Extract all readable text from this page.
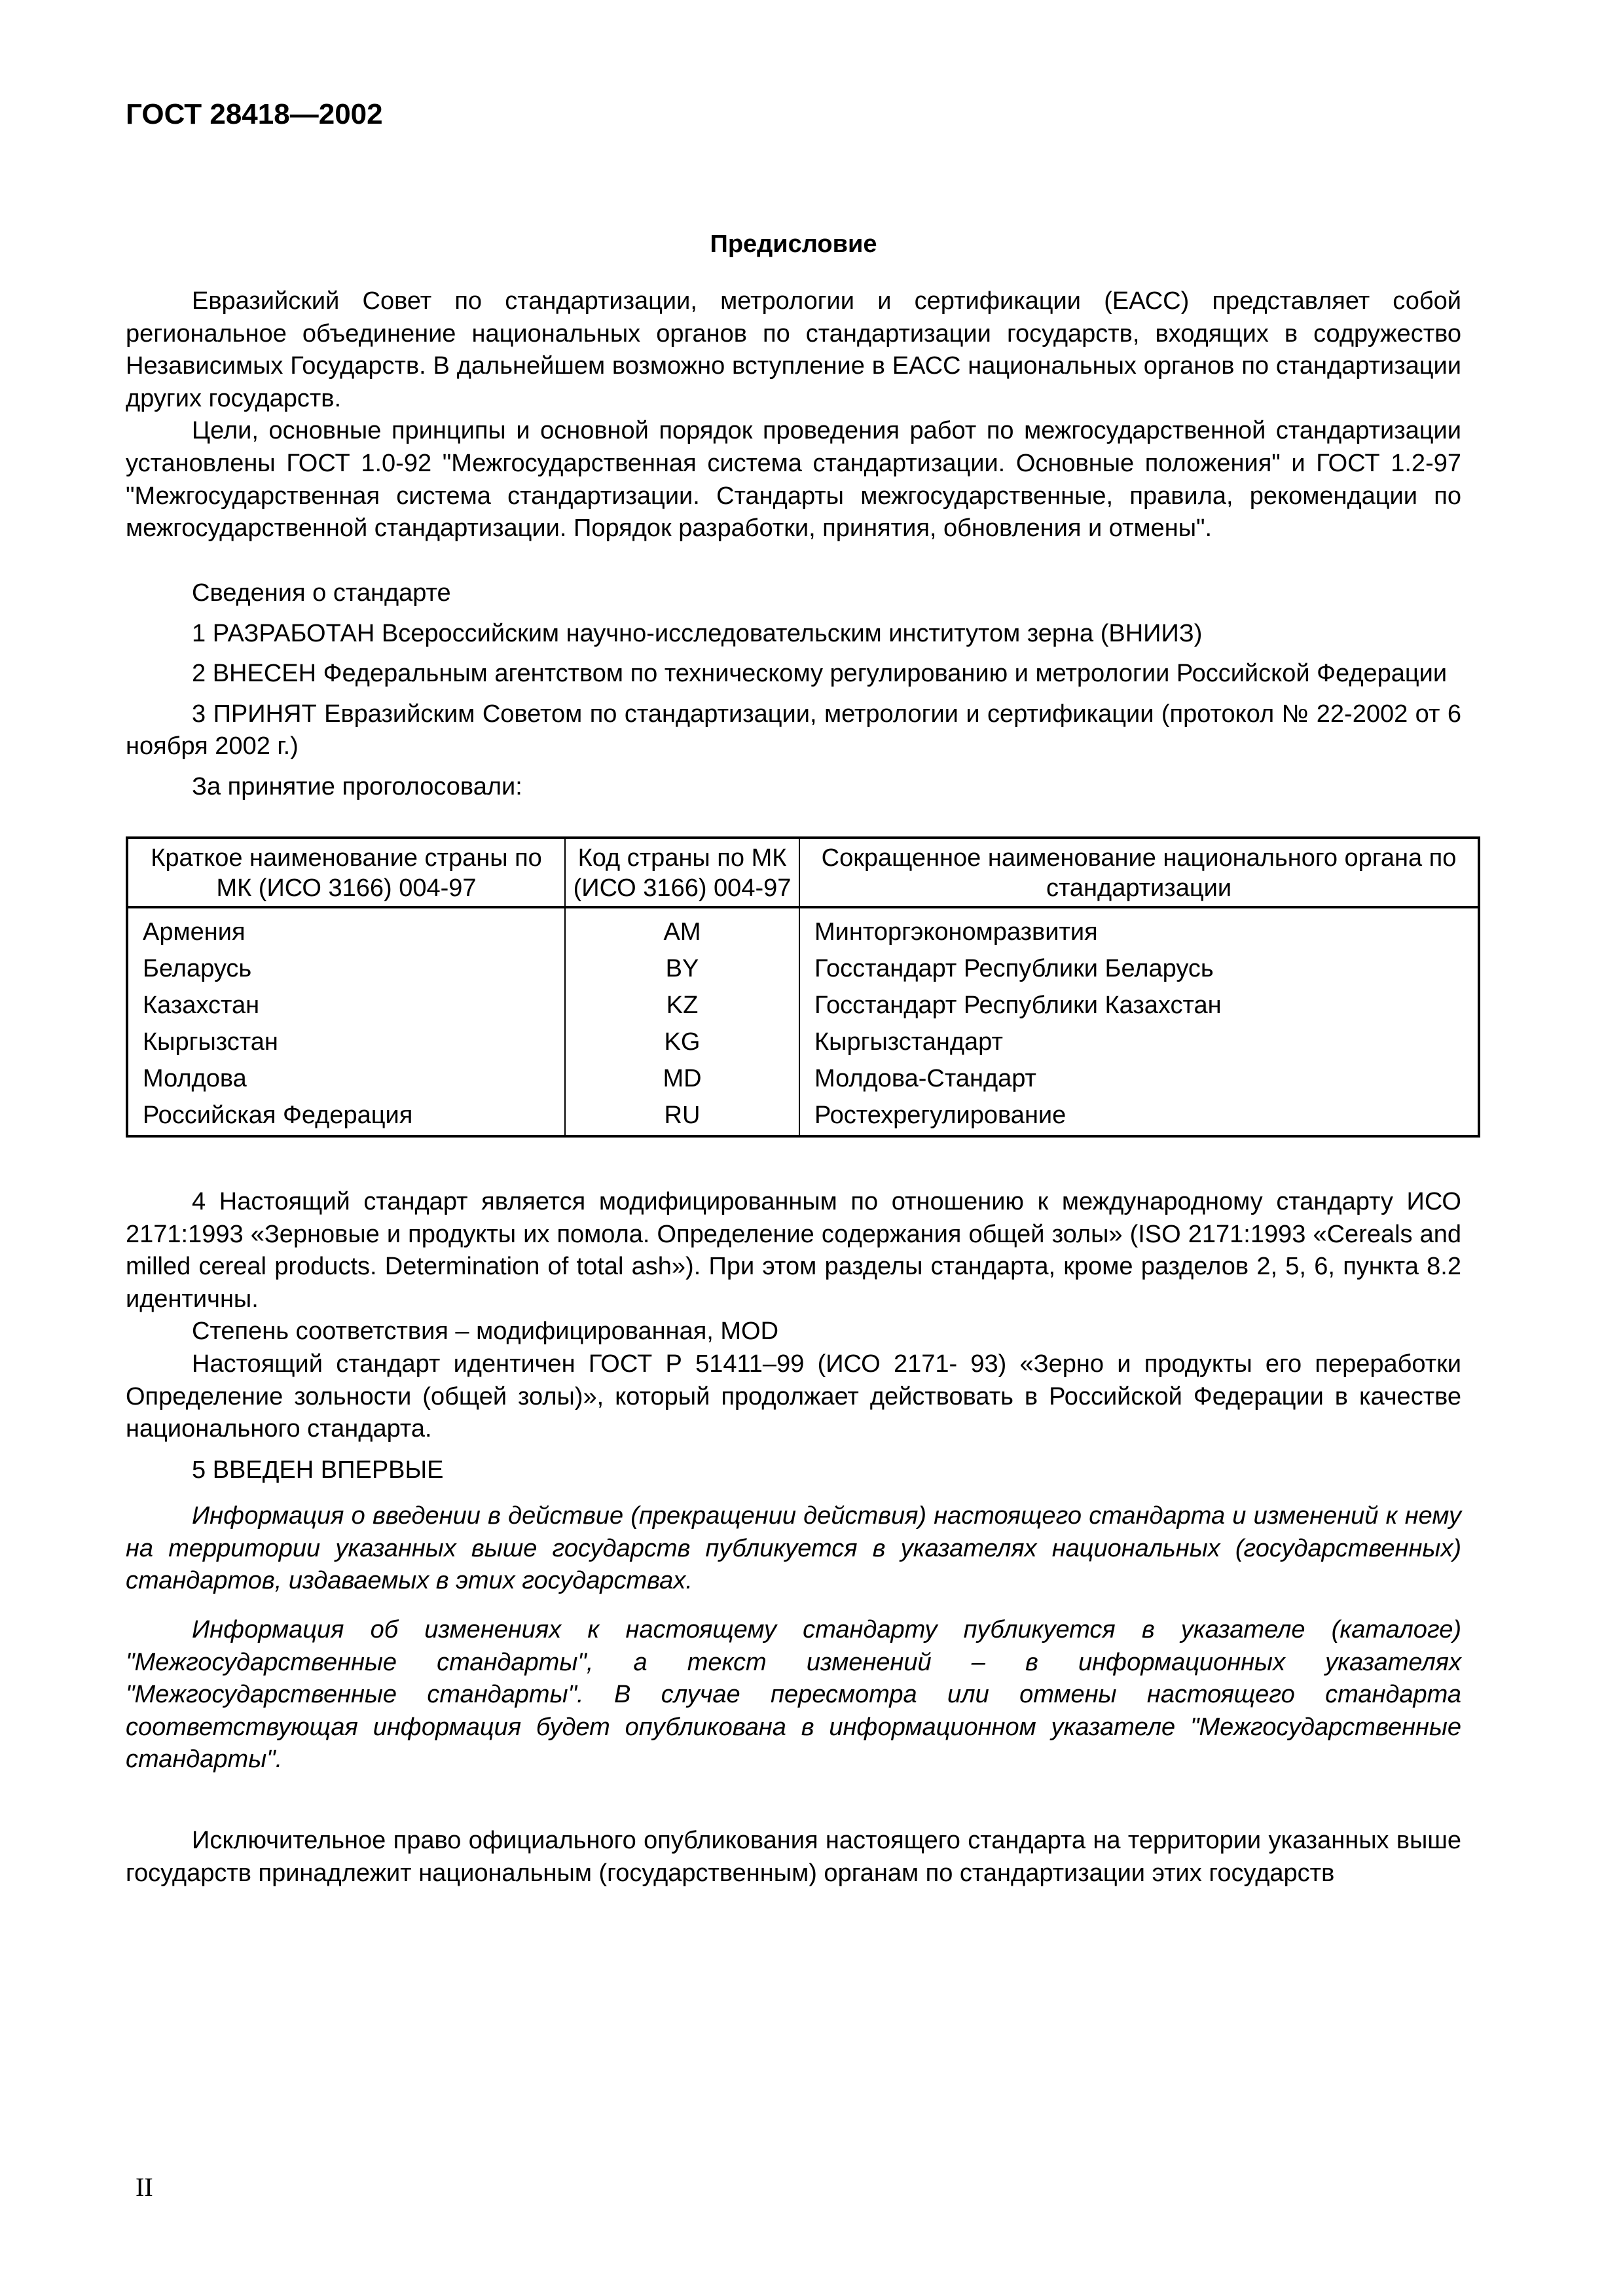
ГОСТ 28418—2002
Предисловие

Евразийский Совет по стандартизации, метрологии и сертификации (ЕАСС) представляет собой региональное объединение национальных органов по стандартизации государств, входящих в содружество Независимых Государств. В дальнейшем возможно вступление в ЕАСС национальных органов по стандартизации других государств.

Цели, основные принципы и основной порядок проведения работ по межгосударственной стандартизации установлены ГОСТ 1.0-92 "Межгосударственная система стандартизации. Основные положения" и ГОСТ 1.2-97 "Межгосударственная система стандартизации. Стандарты межгосударственные, правила, рекомендации по межгосударственной стандартизации. Порядок разработки, принятия, обновления и отмены".

Сведения о стандарте

1 РАЗРАБОТАН Всероссийским научно-исследовательским институтом зерна (ВНИИЗ)

2 ВНЕСЕН Федеральным агентством по техническому регулированию и метрологии Российской Федерации

3 ПРИНЯТ Евразийским Советом по стандартизации, метрологии и сертификации (протокол № 22-2002 от 6 ноября 2002 г.)

За принятие проголосовали:

Краткое наименование страны по МК (ИСО 3166) 004-97	Код страны по МК (ИСО 3166) 004-97	Сокращенное наименование национального органа по стандартизации
Армения	AM	Минторгэкономразвития
Беларусь	BY	Госстандарт Республики Беларусь
Казахстан	KZ	Госстандарт Республики Казахстан
Кыргызстан	KG	Кыргызстандарт
Молдова	MD	Молдова-Стандарт
Российская Федерация	RU	Ростехрегулирование

4 Настоящий стандарт является модифицированным по отношению к международному стандарту ИСО 2171:1993 «Зерновые и продукты их помола. Определение содержания общей золы» (ISO 2171:1993 «Cereals and milled cereal products. Determination of total ash»). При этом разделы стандарта, кроме разделов 2, 5, 6, пункта 8.2 идентичны.

Степень соответствия – модифицированная, MOD

Настоящий стандарт идентичен ГОСТ Р 51411–99 (ИСО 2171- 93) «Зерно и продукты его переработки Определение зольности (общей золы)», который продолжает действовать в Российской Федерации в качестве национального стандарта.

5 ВВЕДЕН ВПЕРВЫЕ

Информация о введении в действие (прекращении действия) настоящего стандарта и изменений к нему на территории указанных выше государств публикуется в указателях национальных (государственных) стандартов, издаваемых в этих государствах.

Информация об изменениях к настоящему стандарту публикуется в указателе (каталоге) "Межгосударственные стандарты", а текст изменений – в информационных указателях "Межгосударственные стандарты". В случае пересмотра или отмены настоящего стандарта соответствующая информация будет опубликована в информационном указателе "Межгосударственные стандарты".

Исключительное право официального опубликования настоящего стандарта на территории указанных выше государств принадлежит национальным (государственным) органам по стандартизации этих государств

II
